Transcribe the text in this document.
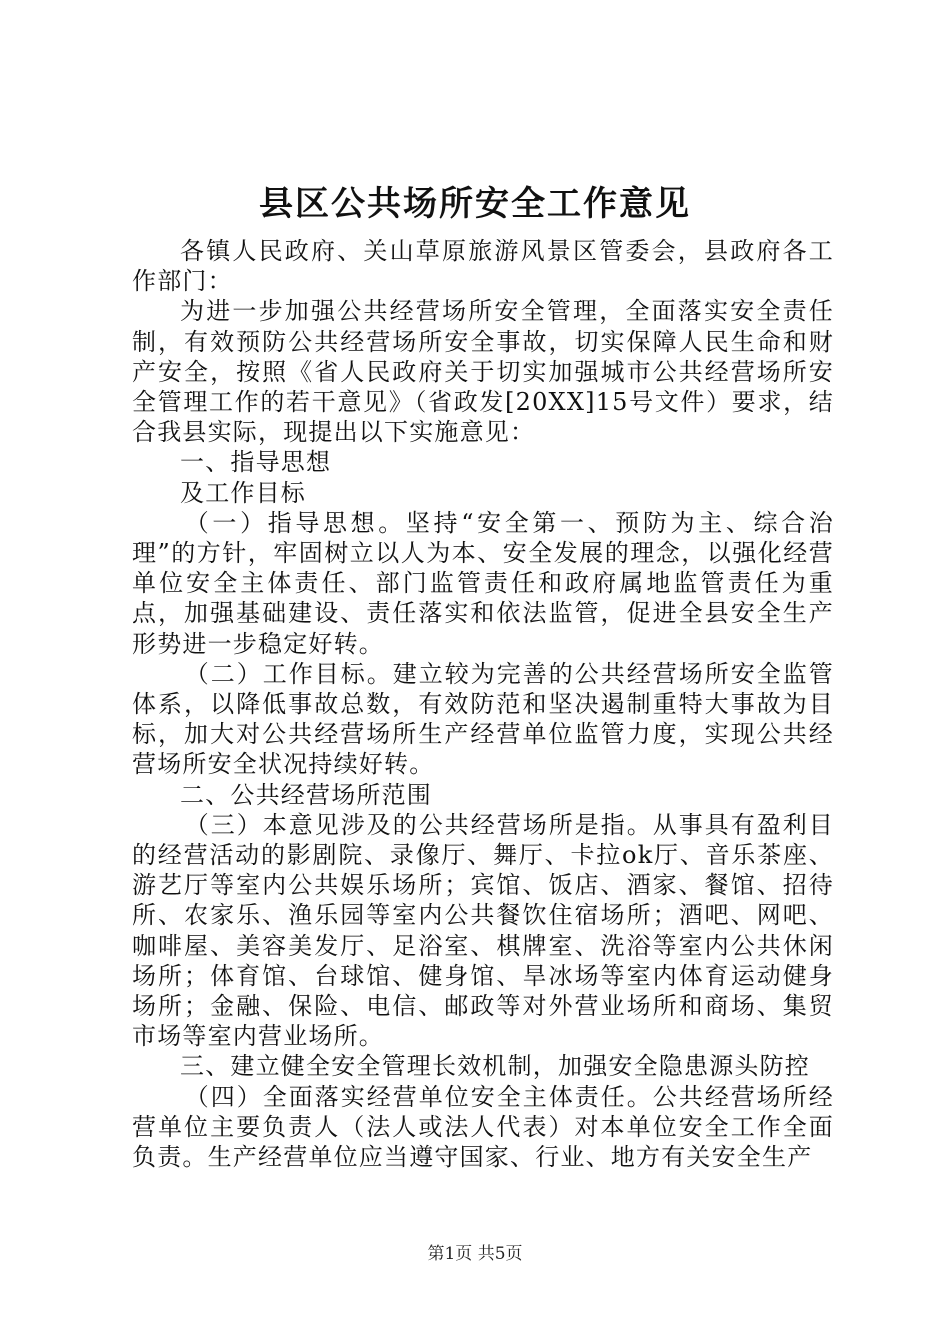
县区公共场所安全工作意见

各镇人民政府、关山草原旅游风景区管委会，县政府各工作部门：

为进一步加强公共经营场所安全管理，全面落实安全责任制，有效预防公共经营场所安全事故，切实保障人民生命和财产安全，按照《省人民政府关于切实加强城市公共经营场所安全管理工作的若干意见》（省政发[20XX]15号文件）要求，结合我县实际，现提出以下实施意见：

一、指导思想

及工作目标

（一）指导思想。坚持“安全第一、预防为主、综合治理”的方针，牢固树立以人为本、安全发展的理念，以强化经营单位安全主体责任、部门监管责任和政府属地监管责任为重点，加强基础建设、责任落实和依法监管，促进全县安全生产形势进一步稳定好转。

（二）工作目标。建立较为完善的公共经营场所安全监管体系，以降低事故总数，有效防范和坚决遏制重特大事故为目标，加大对公共经营场所生产经营单位监管力度，实现公共经营场所安全状况持续好转。

二、公共经营场所范围

（三）本意见涉及的公共经营场所是指。从事具有盈利目的经营活动的影剧院、录像厅、舞厅、卡拉ok厅、音乐茶座、游艺厅等室内公共娱乐场所；宾馆、饭店、酒家、餐馆、招待所、农家乐、渔乐园等室内公共餐饮住宿场所；酒吧、网吧、咖啡屋、美容美发厅、足浴室、棋牌室、洗浴等室内公共休闲场所；体育馆、台球馆、健身馆、旱冰场等室内体育运动健身场所；金融、保险、电信、邮政等对外营业场所和商场、集贸市场等室内营业场所。

三、建立健全安全管理长效机制，加强安全隐患源头防控

（四）全面落实经营单位安全主体责任。公共经营场所经营单位主要负责人（法人或法人代表）对本单位安全工作全面负责。生产经营单位应当遵守国家、行业、地方有关安全生产

第1页 共5页
